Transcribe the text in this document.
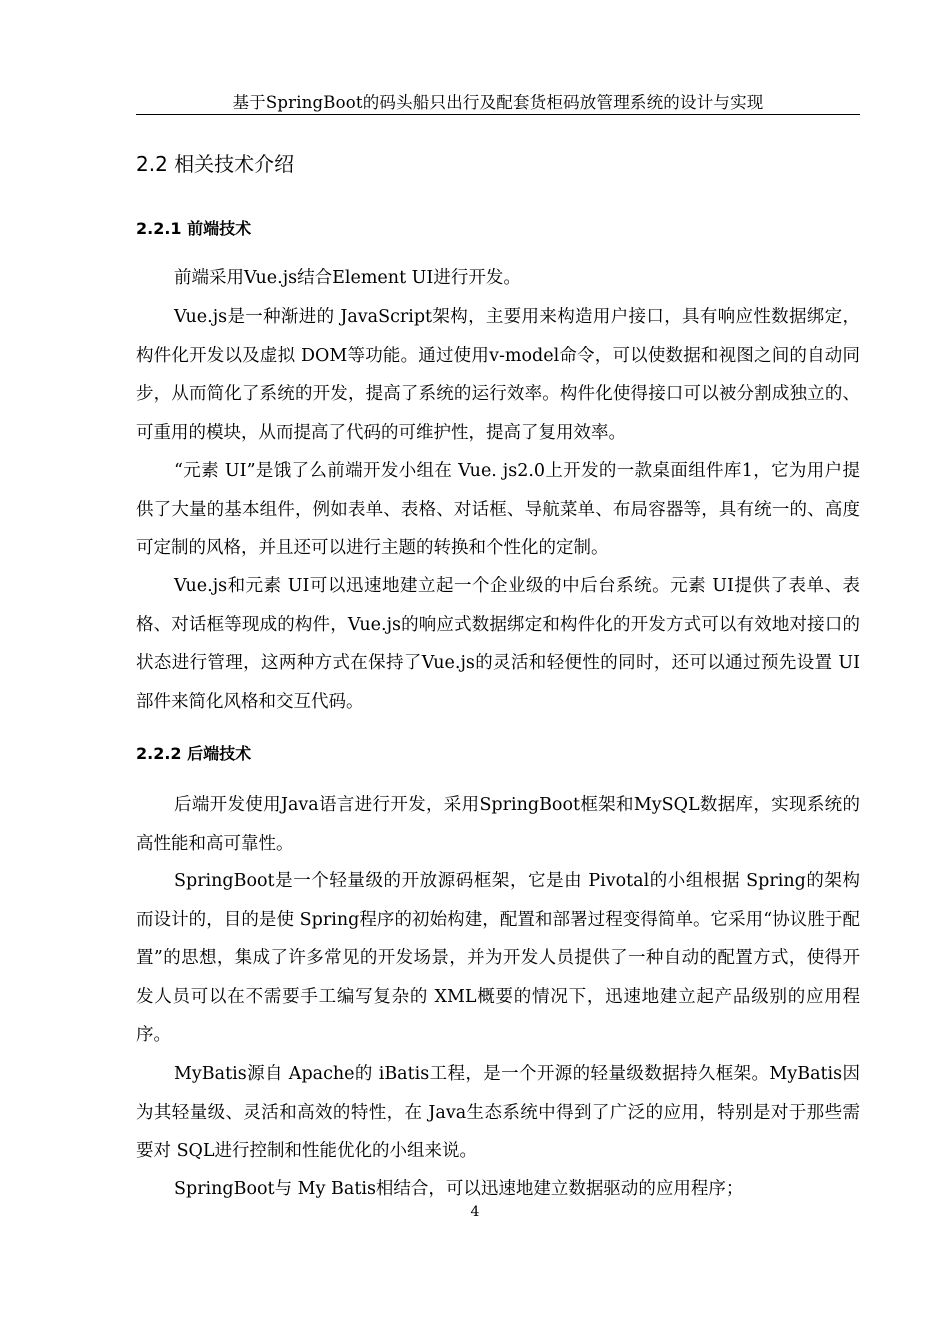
基于SpringBoot的码头船只出行及配套货柜码放管理系统的设计与实现
2.2 相关技术介绍
2.2.1 前端技术

前端采用Vue.js结合Element UI进行开发。

Vue.js是一种渐进的 JavaScript架构，主要用来构造用户接口，具有响应性数据绑定，构件化开发以及虚拟 DOM等功能。通过使用v-model命令，可以使数据和视图之间的自动同步，从而简化了系统的开发，提高了系统的运行效率。构件化使得接口可以被分割成独立的、可重用的模块，从而提高了代码的可维护性，提高了复用效率。

“元素 UI”是饿了么前端开发小组在 Vue. js2.0上开发的一款桌面组件库1，它为用户提供了大量的基本组件，例如表单、表格、对话框、导航菜单、布局容器等，具有统一的、高度可定制的风格，并且还可以进行主题的转换和个性化的定制。

Vue.js和元素 UI可以迅速地建立起一个企业级的中后台系统。元素 UI提供了表单、表格、对话框等现成的构件，Vue.js的响应式数据绑定和构件化的开发方式可以有效地对接口的状态进行管理，这两种方式在保持了Vue.js的灵活和轻便性的同时，还可以通过预先设置 UI部件来简化风格和交互代码。

2.2.2 后端技术

后端开发使用Java语言进行开发，采用SpringBoot框架和MySQL数据库，实现系统的高性能和高可靠性。

SpringBoot是一个轻量级的开放源码框架，它是由 Pivotal的小组根据 Spring的架构而设计的，目的是使 Spring程序的初始构建，配置和部署过程变得简单。它采用“协议胜于配置”的思想，集成了许多常见的开发场景，并为开发人员提供了一种自动的配置方式，使得开发人员可以在不需要手工编写复杂的 XML概要的情况下，迅速地建立起产品级别的应用程序。

MyBatis源自 Apache的 iBatis工程，是一个开源的轻量级数据持久框架。MyBatis因为其轻量级、灵活和高效的特性，在 Java生态系统中得到了广泛的应用，特别是对于那些需要对 SQL进行控制和性能优化的小组来说。

SpringBoot与 My Batis相结合，可以迅速地建立数据驱动的应用程序；

4
